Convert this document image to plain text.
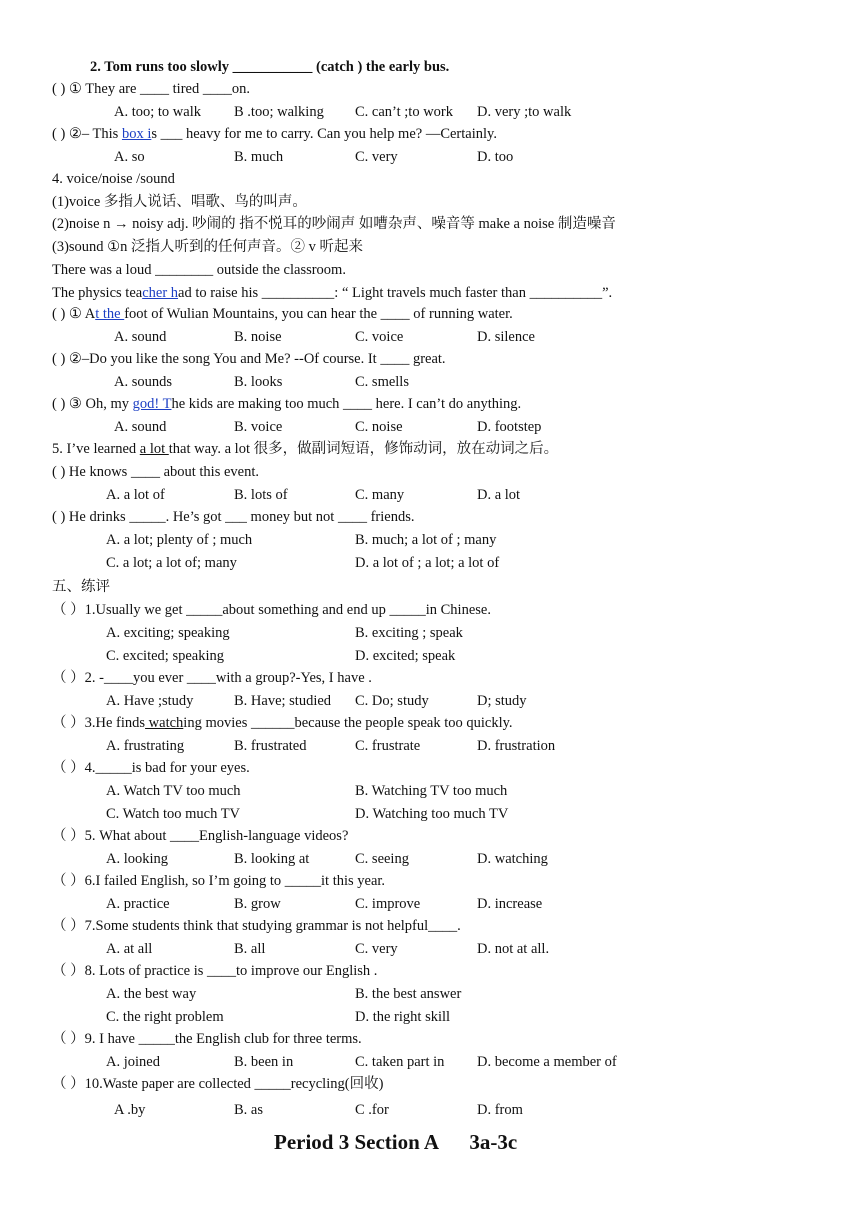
2. Tom runs too slowly ___________ (catch ) the early bus.
( ) ① They are ____ tired ____on.
A. too; to walk B .too; walking C. can’t ;to work D. very ;to walk
( ) ②– This box is ___ heavy for me to carry. Can you help me? —Certainly.
A. so	B. much	C. very	D. too
4. voice/noise /sound
(1)voice 多指人说话、唱歌、鸟的叫声。
(2)noise n → noisy adj. 吵闹的 指不悦耳的吵闹声 如嘈杂声、噪音等 make a noise 制造噪音
(3)sound ①n 泛指人听到的任何声音。② v 听起来
There was a loud ________ outside the classroom.
The physics teacher had to raise his __________: “ Light travels much faster than __________”.
( ) ① At the foot of Wulian Mountains, you can hear the ____ of running water.
A. sound	B. noise	C. voice	D. silence
( ) ②–Do you like the song You and Me? --Of course. It ____ great.
A. sounds	B. looks	C. smells
( ) ③ Oh, my god! The kids are making too much ____ here. I can’t do anything.
A. sound	B. voice	C. noise	D. footstep
5. I’ve learned a lot that way. a lot 很多，做副词短语，修饰动词，放在动词之后。
( ) He knows ____ about this event.
A. a lot of	B. lots of	C. many	D. a lot
( ) He drinks _____. He’s got ___ money but not ____ friends.
A. a lot; plenty of ; much	B. much; a lot of ; many
C. a lot; a lot of; many	D. a lot of ; a lot; a lot of
五、练评
（ ）1.Usually we get _____about something and end up _____in Chinese.
A. exciting; speaking	B. exciting ; speak
C. excited; speaking	D. excited; speak
（ ）2. -____you ever ____with a group?-Yes, I have .
A. Have ;study	B. Have; studied C. Do; study	D; study
（ ）3.He finds watching movies ______because the people speak too quickly.
A. frustrating	B. frustrated	C. frustrate	D. frustration
（ ）4._____is bad for your eyes.
A. Watch TV too much	B. Watching TV too much
C. Watch too much TV	D. Watching too much TV
（ ）5. What about ____English-language videos?
A. looking	B. looking at	C. seeing	D. watching
（ ）6.I failed English, so I’m going to _____it this year.
A. practice	B. grow	C. improve	D. increase
（ ）7.Some students think that studying grammar is not helpful____.
A. at all	B. all	C. very	D. not at all.
（ ）8. Lots of practice is ____to improve our English .
A. the best way	B. the best answer
C. the right problem	D. the right skill
（ ）9. I have _____the English club for three terms.
A. joined	B. been in	C. taken part in D. become a member of
（ ）10.Waste paper are collected _____recycling(回收)
A .by	B. as	C .for	D. from
Period 3 Section A      3a-3c
